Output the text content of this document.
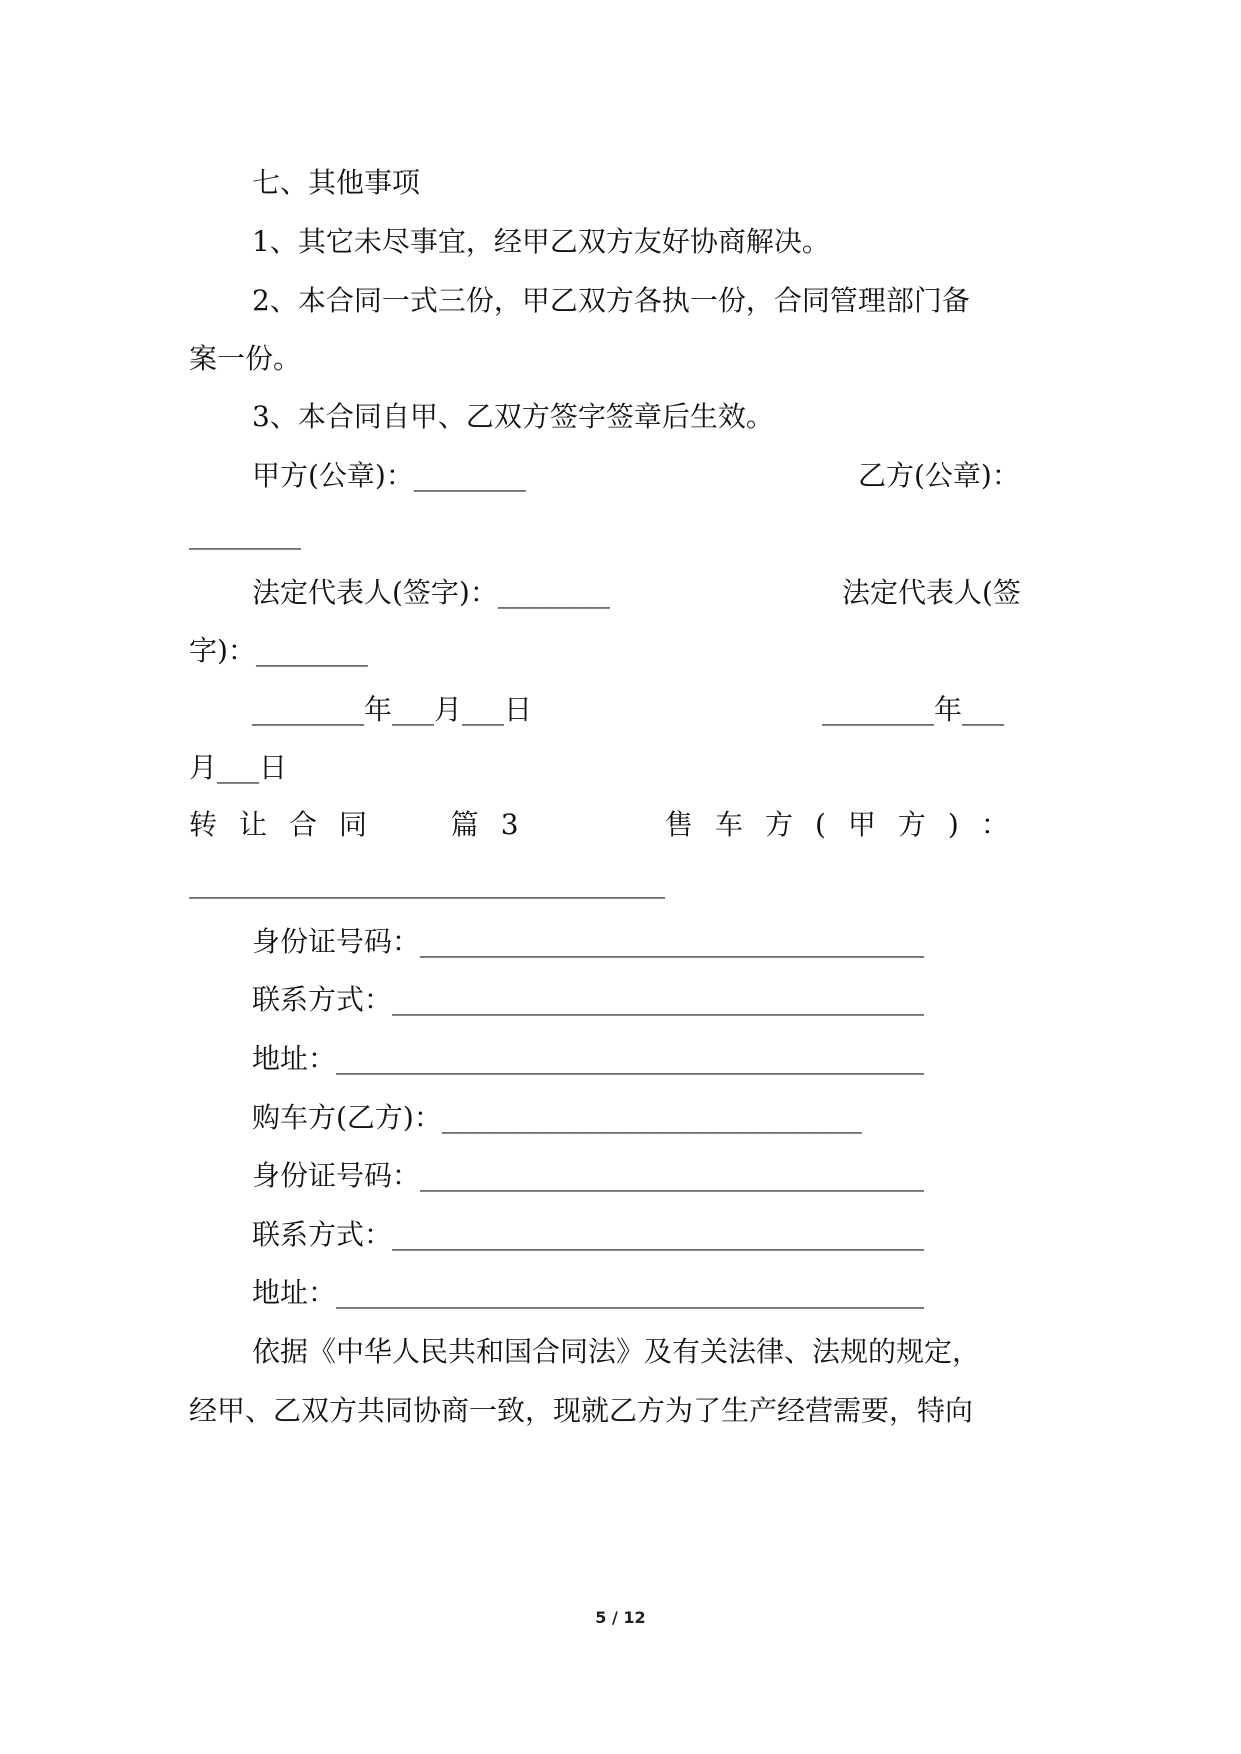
七、其他事项
1、其它未尽事宜，经甲乙双方友好协商解决。
2、本合同一式三份，甲乙双方各执一份，合同管理部门备
案一份。
3、本合同自甲、乙双方签字签章后生效。
甲方(公章)：________	乙方(公章)：
________
法定代表人(签字)：________	法定代表人(签
字)：________
________年___月___日	________年___
月___日
转让合同  篇3	售车方(甲方)：
__________________________________
身份证号码：____________________________________
联系方式：______________________________________
地址：__________________________________________
购车方(乙方)：______________________________
身份证号码：____________________________________
联系方式：______________________________________
地址：__________________________________________
依据《中华人民共和国合同法》及有关法律、法规的规定，
经甲、乙双方共同协商一致，现就乙方为了生产经营需要，特向
5 / 12
